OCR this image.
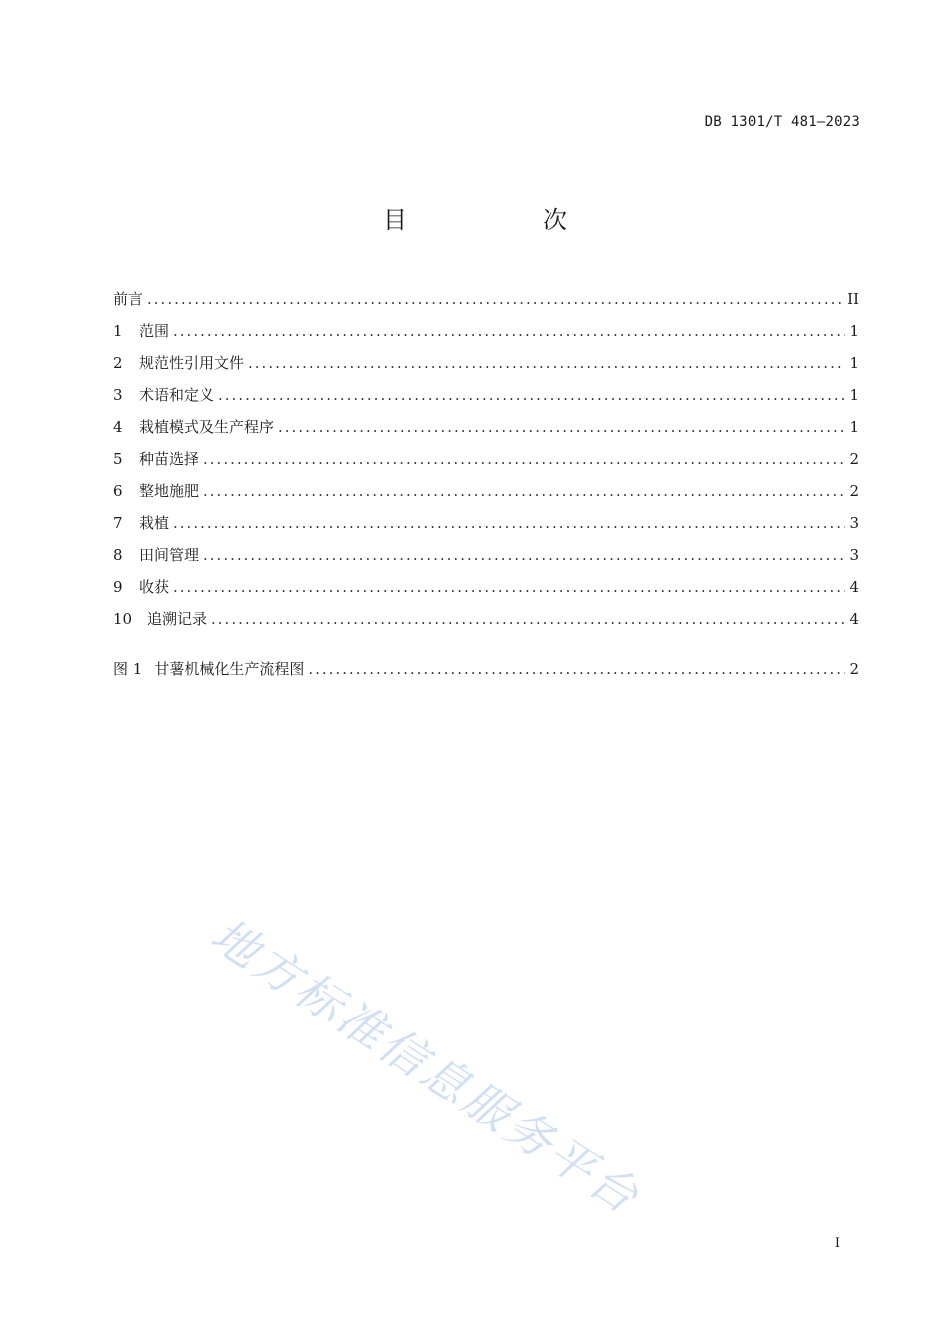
DB 1301/T 481—2023
目　次
前言 .....	II
1	范围 .....	1
2	规范性引用文件 .....	1
3	术语和定义 .....	1
4	栽植模式及生产程序 .....	1
5	种苗选择 .....	2
6	整地施肥 .....	2
7	栽植 .....	3
8	田间管理 .....	3
9	收获 .....	4
10 追溯记录 .....	4
图 1 甘薯机械化生产流程图 .....	2
地方标准信息服务平台
I
